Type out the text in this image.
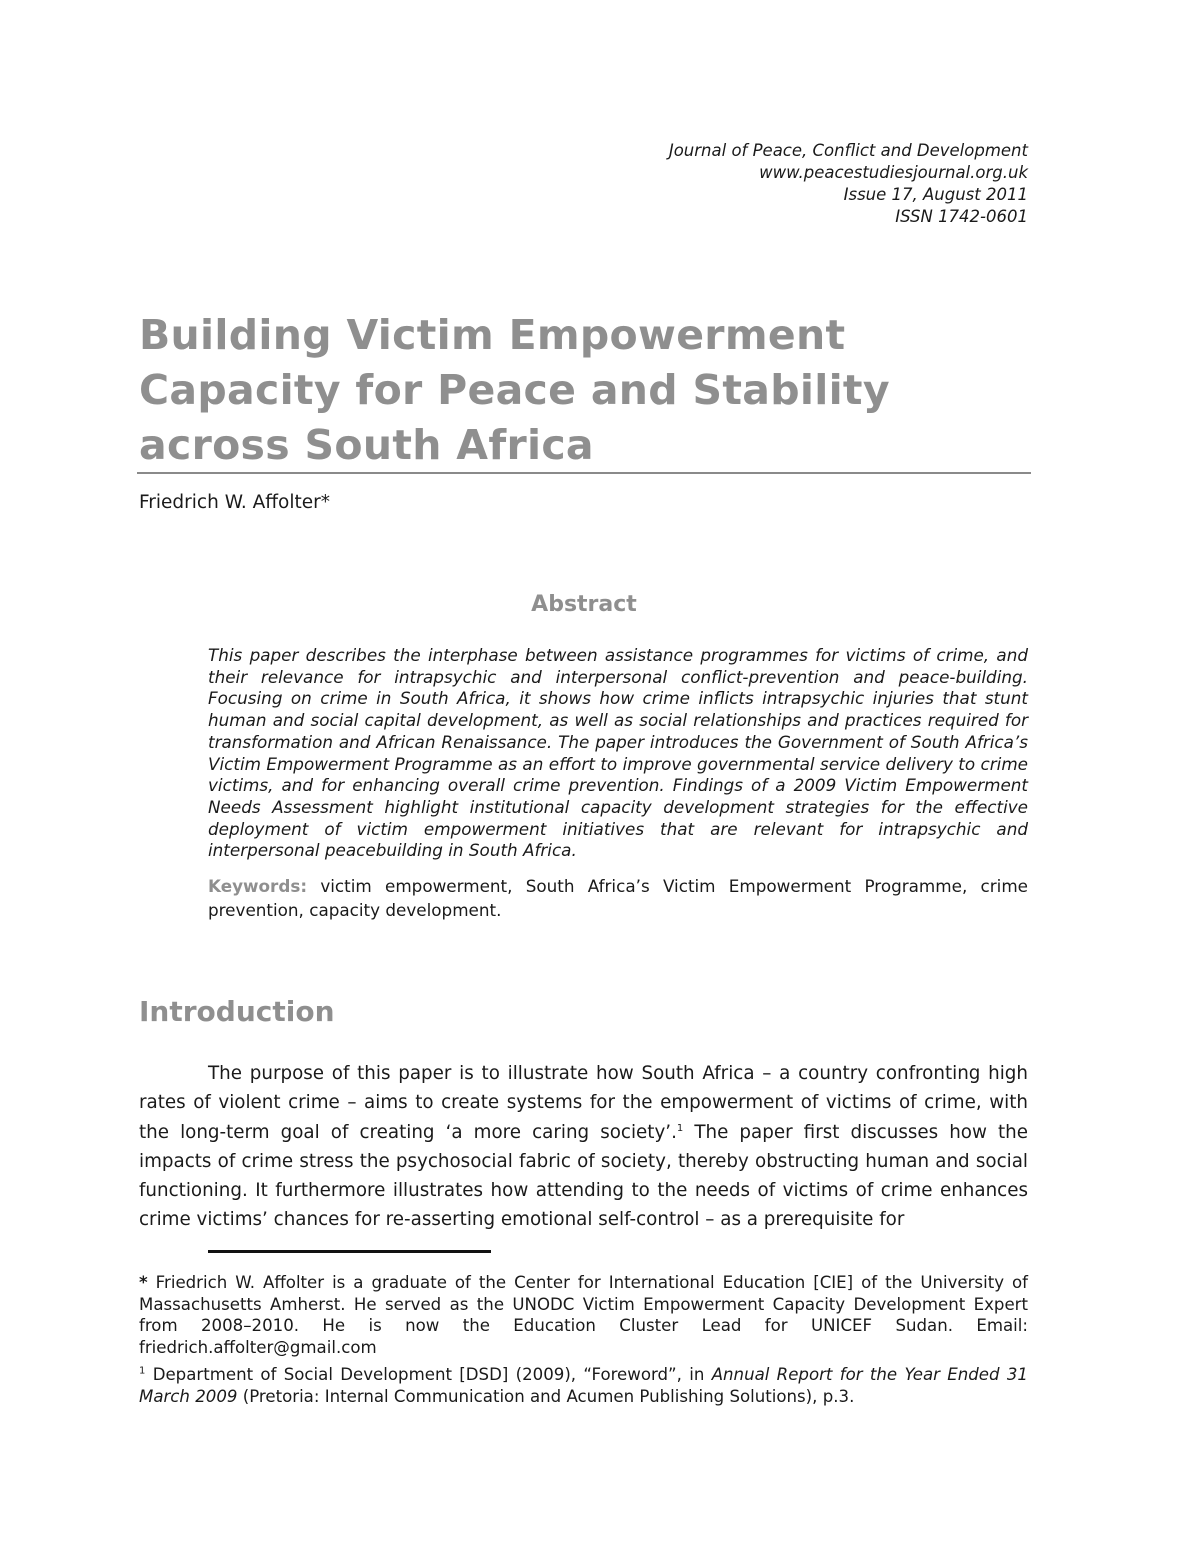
Journal of Peace, Conflict and Development
www.peacestudiesjournal.org.uk
Issue 17, August 2011
ISSN 1742-0601
Building Victim Empowerment Capacity for Peace and Stability across South Africa
Friedrich W. Affolter*
Abstract

This paper describes the interphase between assistance programmes for victims of crime, and their relevance for intrapsychic and interpersonal conflict-prevention and peace-building. Focusing on crime in South Africa, it shows how crime inflicts intrapsychic injuries that stunt human and social capital development, as well as social relationships and practices required for transformation and African Renaissance. The paper introduces the Government of South Africa’s Victim Empowerment Programme as an effort to improve governmental service delivery to crime victims, and for enhancing overall crime prevention. Findings of a 2009 Victim Empowerment Needs Assessment highlight institutional capacity development strategies for the effective deployment of victim empowerment initiatives that are relevant for intrapsychic and interpersonal peacebuilding in South Africa.

Keywords: victim empowerment, South Africa’s Victim Empowerment Programme, crime prevention, capacity development.

Introduction

The purpose of this paper is to illustrate how South Africa – a country confronting high rates of violent crime – aims to create systems for the empowerment of victims of crime, with the long-term goal of creating ‘a more caring society’.$^1$ The paper first discusses how the impacts of crime stress the psychosocial fabric of society, thereby obstructing human and social functioning. It furthermore illustrates how attending to the needs of victims of crime enhances crime victims’ chances for re-asserting emotional self-control – as a prerequisite for

* Friedrich W. Affolter is a graduate of the Center for International Education [CIE] of the University of Massachusetts Amherst. He served as the UNODC Victim Empowerment Capacity Development Expert from 2008–2010. He is now the Education Cluster Lead for UNICEF Sudan. Email: friedrich.affolter@gmail.com

$^1$ Department of Social Development [DSD] (2009), “Foreword”, in Annual Report for the Year Ended 31 March 2009 (Pretoria: Internal Communication and Acumen Publishing Solutions), p.3.
